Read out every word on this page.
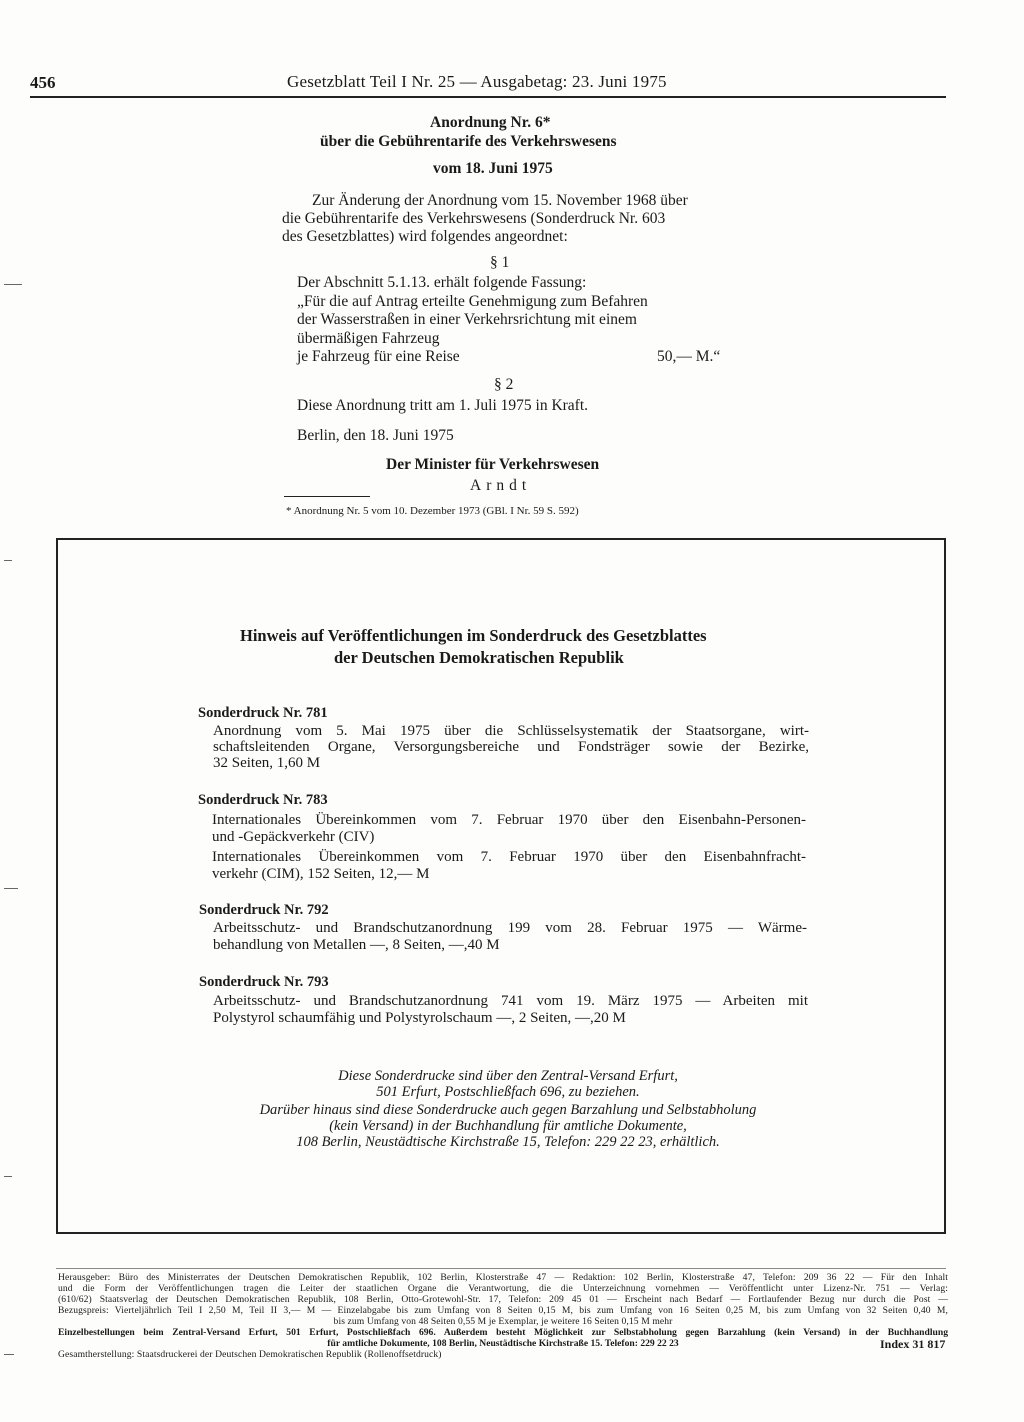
456	Gesetzblatt Teil I Nr. 25 — Ausgabetag: 23. Juni 1975
Anordnung Nr. 6*
über die Gebührentarife des Verkehrswesens
vom 18. Juni 1975
Zur Änderung der Anordnung vom 15. November 1968 über
die Gebührentarife des Verkehrswesens (Sonderdruck Nr. 603
des Gesetzblattes) wird folgendes angeordnet:
§ 1
Der Abschnitt 5.1.13. erhält folgende Fassung:
„Für die auf Antrag erteilte Genehmigung zum Befahren
der Wasserstraßen in einer Verkehrsrichtung mit einem
übermäßigen Fahrzeug
je Fahrzeug für eine Reise	50,— M.“
§ 2
Diese Anordnung tritt am 1. Juli 1975 in Kraft.
Berlin, den 18. Juni 1975
Der Minister für Verkehrswesen
Arndt
* Anordnung Nr. 5 vom 10. Dezember 1973 (GBl. I Nr. 59 S. 592)
Hinweis auf Veröffentlichungen im Sonderdruck des Gesetzblattes
der Deutschen Demokratischen Republik
Sonderdruck Nr. 781
Anordnung vom 5. Mai 1975 über die Schlüsselsystematik der Staatsorgane, wirt-
schaftsleitenden Organe, Versorgungsbereiche und Fondsträger sowie der Bezirke,
32 Seiten, 1,60 M
Sonderdruck Nr. 783
Internationales Übereinkommen vom 7. Februar 1970 über den Eisenbahn-Personen-
und -Gepäckverkehr (CIV)
Internationales Übereinkommen vom 7. Februar 1970 über den Eisenbahnfracht-
verkehr (CIM), 152 Seiten, 12,— M
Sonderdruck Nr. 792
Arbeitsschutz- und Brandschutzanordnung 199 vom 28. Februar 1975 — Wärme-
behandlung von Metallen —, 8 Seiten, —,40 M
Sonderdruck Nr. 793
Arbeitsschutz- und Brandschutzanordnung 741 vom 19. März 1975 — Arbeiten mit
Polystyrol schaumfähig und Polystyrolschaum —, 2 Seiten, —,20 M
Diese Sonderdrucke sind über den Zentral-Versand Erfurt,
501 Erfurt, Postschließfach 696, zu beziehen.
Darüber hinaus sind diese Sonderdrucke auch gegen Barzahlung und Selbstabholung
(kein Versand) in der Buchhandlung für amtliche Dokumente,
108 Berlin, Neustädtische Kirchstraße 15, Telefon: 229 22 23, erhältlich.
Herausgeber: Büro des Ministerrates der Deutschen Demokratischen Republik, 102 Berlin, Klosterstraße 47 — Redaktion: 102 Berlin, Klosterstraße 47, Telefon: 209 36 22 — Für den Inhalt
und die Form der Veröffentlichungen tragen die Leiter der staatlichen Organe die Verantwortung, die die Unterzeichnung vornehmen — Veröffentlicht unter Lizenz-Nr. 751 — Verlag:
(610/62) Staatsverlag der Deutschen Demokratischen Republik, 108 Berlin, Otto-Grotewohl-Str. 17, Telefon: 209 45 01 — Erscheint nach Bedarf — Fortlaufender Bezug nur durch die Post —
Bezugspreis: Vierteljährlich Teil I 2,50 M, Teil II 3,— M — Einzelabgabe bis zum Umfang von 8 Seiten 0,15 M, bis zum Umfang von 16 Seiten 0,25 M, bis zum Umfang von 32 Seiten 0,40 M,
bis zum Umfang von 48 Seiten 0,55 M je Exemplar, je weitere 16 Seiten 0,15 M mehr
Einzelbestellungen beim Zentral-Versand Erfurt, 501 Erfurt, Postschließfach 696. Außerdem besteht Möglichkeit zur Selbstabholung gegen Barzahlung (kein Versand) in der Buchhandlung
für amtliche Dokumente, 108 Berlin, Neustädtische Kirchstraße 15. Telefon: 229 22 23
Gesamtherstellung: Staatsdruckerei der Deutschen Demokratischen Republik (Rollenoffsetdruck)
Index 31 817
